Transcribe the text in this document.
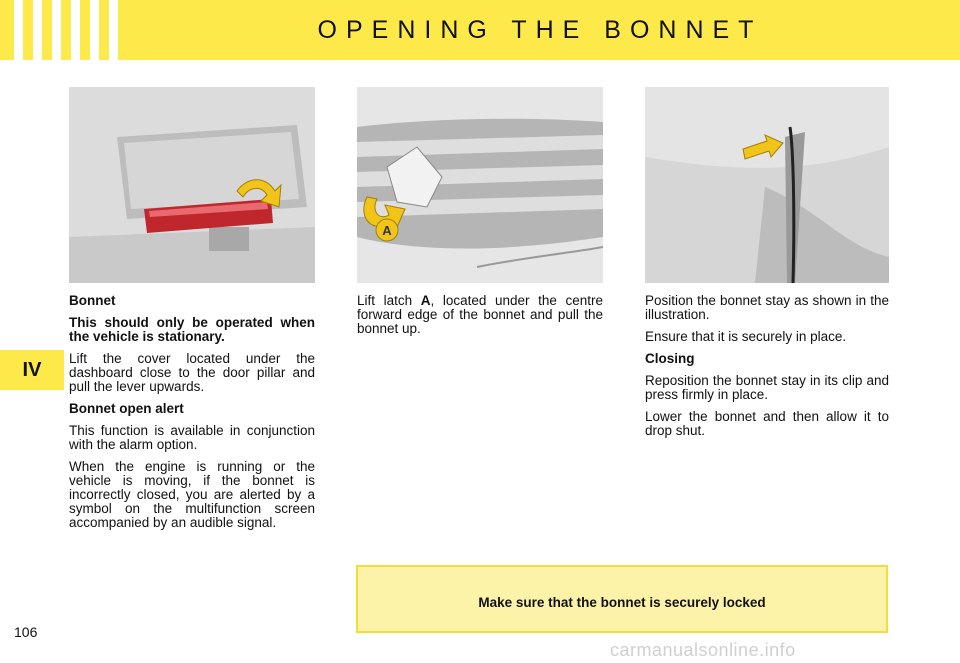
OPENING THE BONNET
IV
A
Bonnet

This should only be operated when the vehicle is stationary.

Lift the cover located under the dashboard close to the door pillar and pull the lever upwards.

Bonnet open alert

This function is available in conjunction with the alarm option.

When the engine is running or the vehicle is moving, if the bonnet is incorrectly closed, you are alerted by a symbol on the multifunction screen accompanied by an audible signal.

Lift latch A, located under the centre forward edge of the bonnet and pull the bonnet up.

Position the bonnet stay as shown in the illustration.

Ensure that it is securely in place.

Closing

Reposition the bonnet stay in its clip and press firmly in place.

Lower the bonnet and then allow it to drop shut.

Make sure that the bonnet is securely locked
106
carmanualsonline.info
